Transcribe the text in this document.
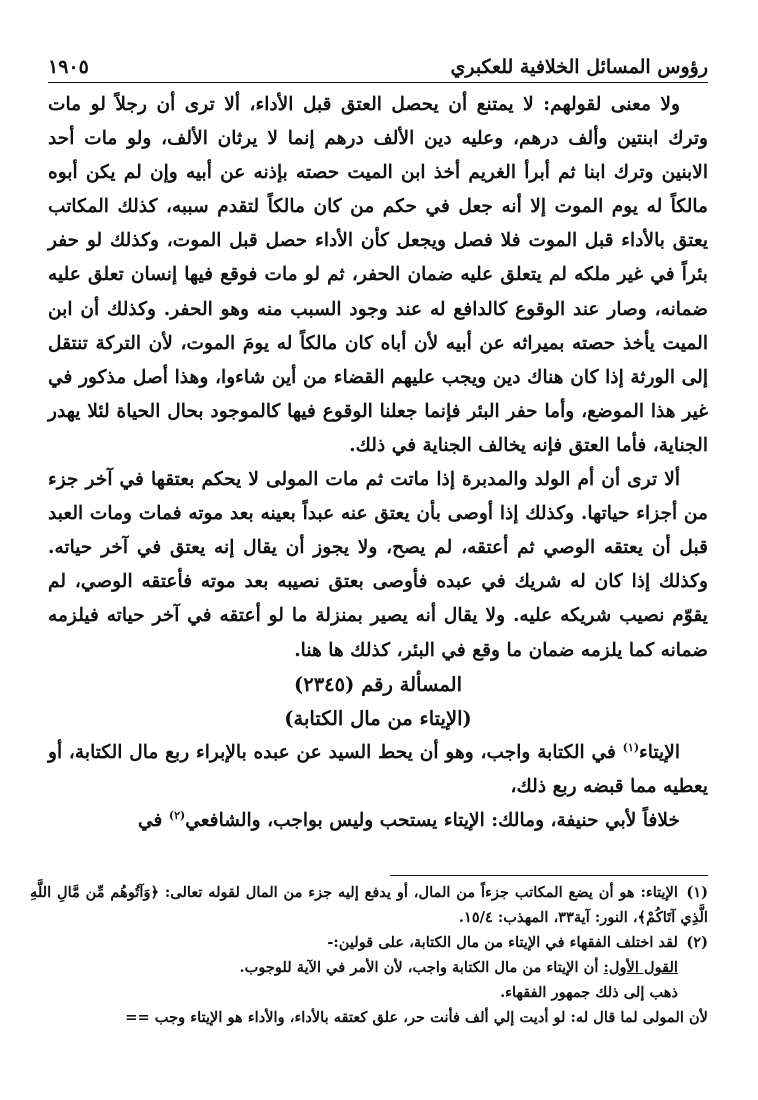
رؤوس المسائل الخلافية للعكبري
١٩٠٥

ولا معنى لقولهم: لا يمتنع أن يحصل العتق قبل الأداء، ألا ترى أن رجلاً لو مات وترك ابنتين وألف درهم، وعليه دين الألف درهم إنما لا يرثان الألف، ولو مات أحد الابنين وترك ابنا ثم أبرأ الغريم أخذ ابن الميت حصته بإذنه عن أبيه وإن لم يكن أبوه مالكاً له يوم الموت إلا أنه جعل في حكم من كان مالكاً لتقدم سببه، كذلك المكاتب يعتق بالأداء قبل الموت فلا فصل ويجعل كأن الأداء حصل قبل الموت، وكذلك لو حفر بئراً في غير ملكه لم يتعلق عليه ضمان الحفر، ثم لو مات فوقع فيها إنسان تعلق عليه ضمانه، وصار عند الوقوع كالدافع له عند وجود السبب منه وهو الحفر. وكذلك أن ابن الميت يأخذ حصته بميراثه عن أبيه لأن أباه كان مالكاً له يومَ الموت، لأن التركة تنتقل إلى الورثة إذا كان هناك دين ويجب عليهم القضاء من أين شاءوا، وهذا أصل مذكور في غير هذا الموضع، وأما حفر البئر فإنما جعلنا الوقوع فيها كالموجود بحال الحياة لئلا يهدر الجناية، فأما العتق فإنه يخالف الجناية في ذلك.

ألا ترى أن أم الولد والمدبرة إذا ماتت ثم مات المولى لا يحكم بعتقها في آخر جزء من أجزاء حياتها. وكذلك إذا أوصى بأن يعتق عنه عبداً بعينه بعد موته فمات ومات العبد قبل أن يعتقه الوصي ثم أعتقه، لم يصح، ولا يجوز أن يقال إنه يعتق في آخر حياته. وكذلك إذا كان له شريك في عبده فأوصى بعتق نصيبه بعد موته فأعتقه الوصي، لم يقوّم نصيب شريكه عليه. ولا يقال أنه يصير بمنزلة ما لو أعتقه في آخر حياته فيلزمه ضمانه كما يلزمه ضمان ما وقع في البئر، كذلك ها هنا.

المسألة رقم (٢٣٤٥)
(الإيتاء من مال الكتابة)

الإيتاء$^{(١)}$ في الكتابة واجب، وهو أن يحط السيد عن عبده بالإبراء ربع مال الكتابة، أو يعطيه مما قبضه ربع ذلك،

خلافاً لأبي حنيفة، ومالك: الإيتاء يستحب وليس بواجب، والشافعي$^{(٢)}$ في

(١)الإيتاء: هو أن يضع المكاتب جزءاً من المال، أو يدفع إليه جزء من المال لقوله تعالى: ﴿وَآتُوهُم مِّن مَّالِ اللَّهِ الَّذِي آتَاكُمْ﴾، النور: آية٣٣، المهذب: ١٥/٤.

(٢)لقد اختلف الفقهاء في الإيتاء من مال الكتابة، على قولين:-

القول الأول: أن الإيتاء من مال الكتابة واجب، لأن الأمر في الآية للوجوب.

ذهب إلى ذلك جمهور الفقهاء.

لأن المولى لما قال له: لو أديت إلي ألف فأنت حر، علق كعتقه بالأداء، والأداء هو الإيتاء وجب ==
